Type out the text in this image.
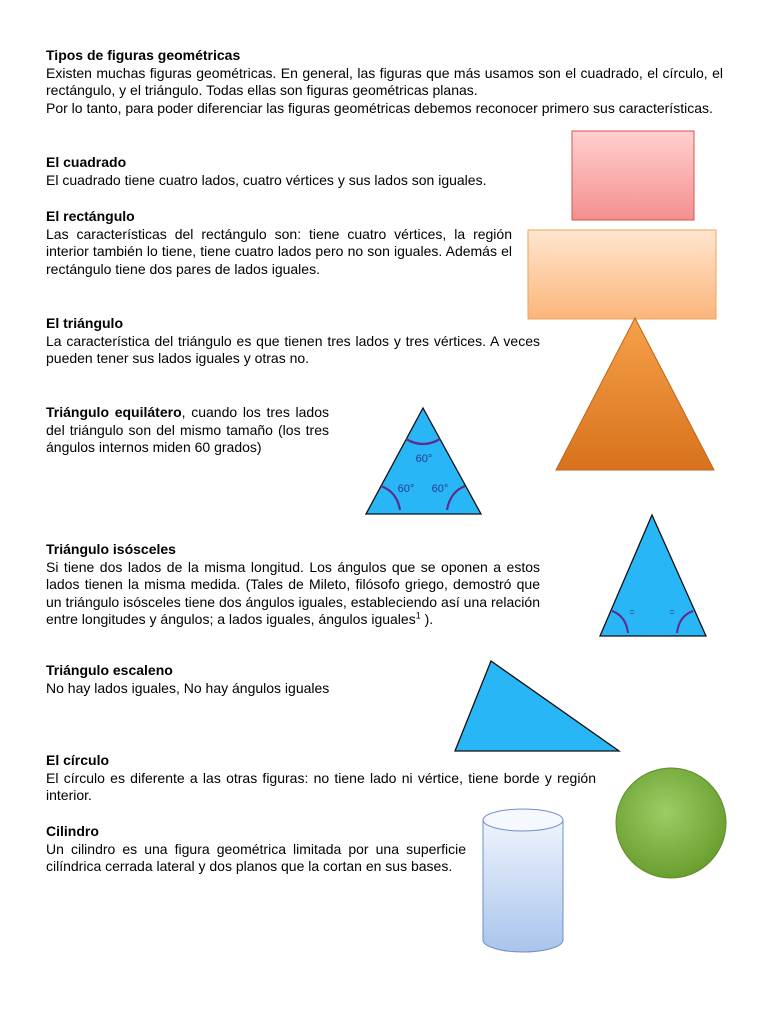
Tipos de figuras geométricas
Existen muchas figuras geométricas. En general, las figuras que más usamos son el cuadrado, el círculo, el rectángulo, y el triángulo. Todas ellas son figuras geométricas planas.
Por lo tanto, para poder diferenciar las figuras geométricas debemos reconocer primero sus características.
El cuadrado
El cuadrado tiene cuatro lados, cuatro vértices y sus lados son iguales.
El rectángulo
Las características del rectángulo son: tiene cuatro vértices, la región interior también lo tiene, tiene cuatro lados pero no son iguales. Además el rectángulo tiene dos pares de lados iguales.
El triángulo
La característica del triángulo es que tienen tres lados y tres vértices. A veces pueden tener sus lados iguales y otras no.
Triángulo equilátero, cuando los tres lados del triángulo son del mismo tamaño (los tres ángulos internos miden 60 grados)
60°
60° 60°
Triángulo isósceles
Si tiene dos lados de la misma longitud. Los ángulos que se oponen a estos lados tienen la misma medida. (Tales de Mileto, filósofo griego, demostró que un triángulo isósceles tiene dos ángulos iguales, estableciendo así una relación entre longitudes y ángulos; a lados iguales, ángulos iguales$^1$ ).	=	=
Triángulo escaleno
No hay lados iguales, No hay ángulos iguales
El círculo
El círculo es diferente a las otras figuras: no tiene lado ni vértice, tiene borde y región interior.
Cilindro
Un cilindro es una figura geométrica limitada por una superficie cilíndrica cerrada lateral y dos planos que la cortan en sus bases.
